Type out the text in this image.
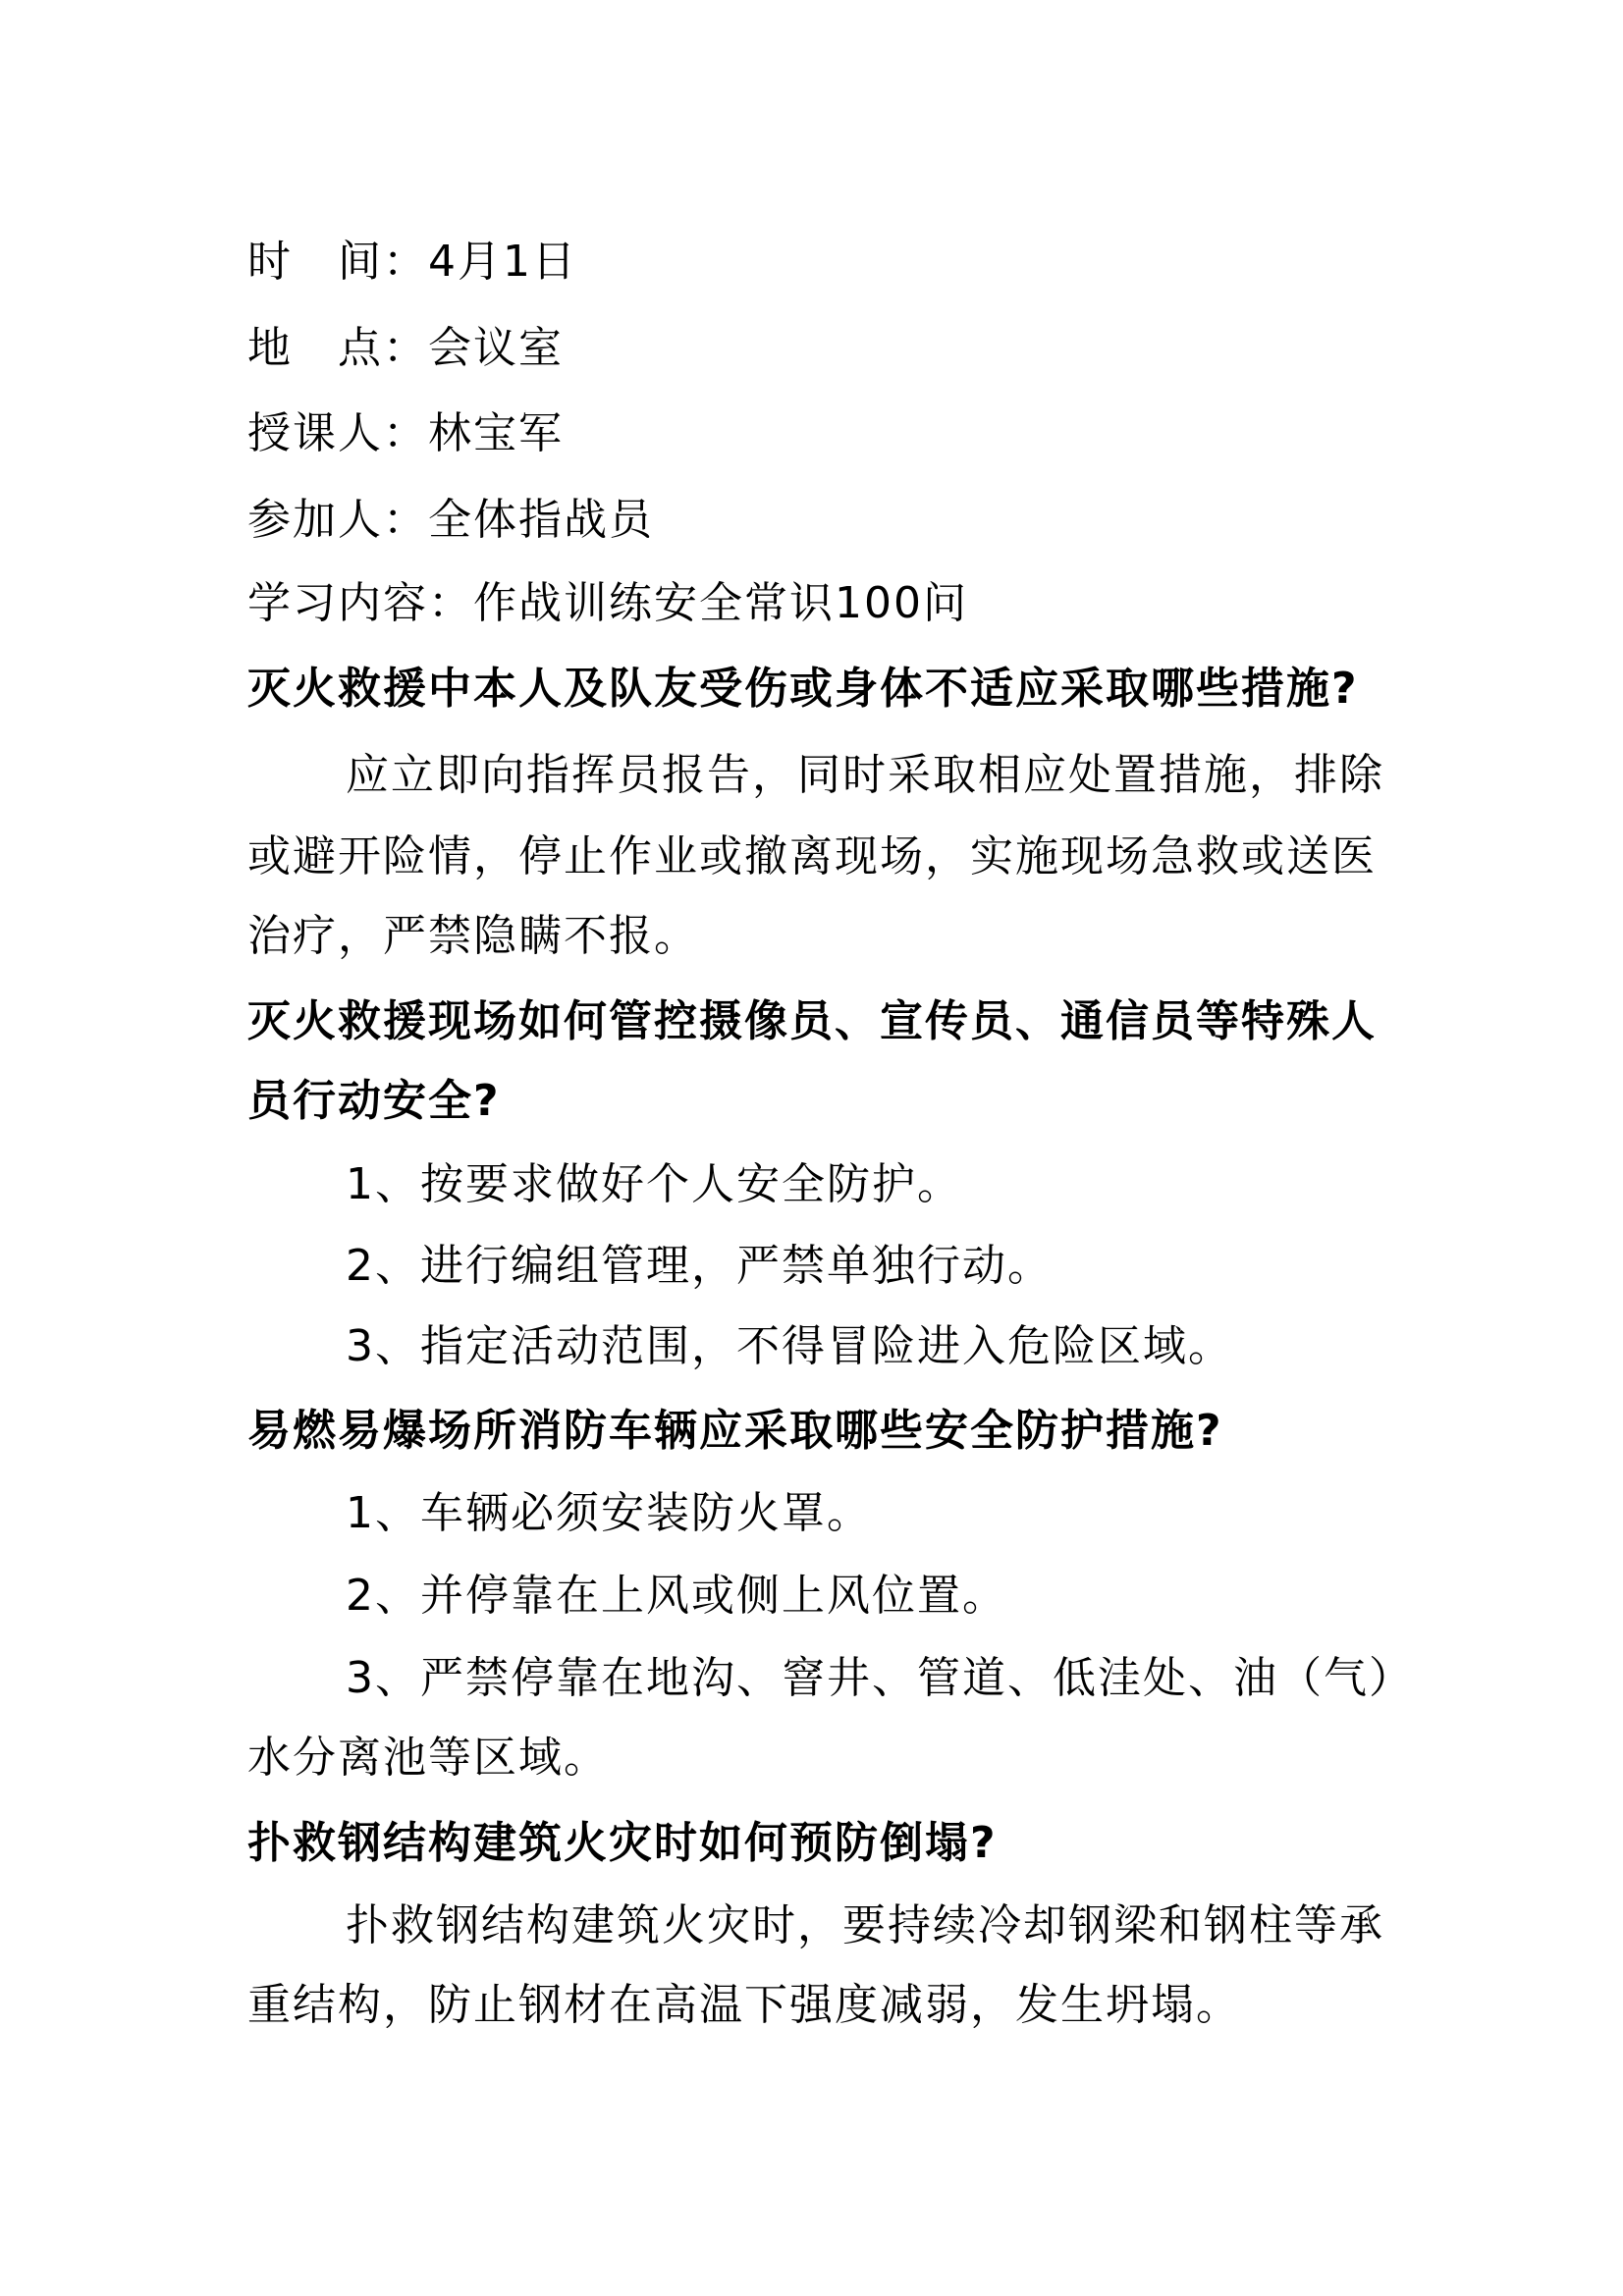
时　间：4月1日
地　点：会议室
授课人：林宝军
参加人：全体指战员
学习内容：作战训练安全常识100问
灭火救援中本人及队友受伤或身体不适应采取哪些措施?
应立即向指挥员报告，同时采取相应处置措施，排除
或避开险情，停止作业或撤离现场，实施现场急救或送医
治疗，严禁隐瞒不报。
灭火救援现场如何管控摄像员、宣传员、通信员等特殊人
员行动安全?
1、按要求做好个人安全防护。
2、进行编组管理，严禁单独行动。
3、指定活动范围，不得冒险进入危险区域。
易燃易爆场所消防车辆应采取哪些安全防护措施?
1、车辆必须安装防火罩。
2、并停靠在上风或侧上风位置。
3、严禁停靠在地沟、窨井、管道、低洼处、油（气）
水分离池等区域。
扑救钢结构建筑火灾时如何预防倒塌?
扑救钢结构建筑火灾时，要持续冷却钢梁和钢柱等承
重结构，防止钢材在高温下强度减弱，发生坍塌。
